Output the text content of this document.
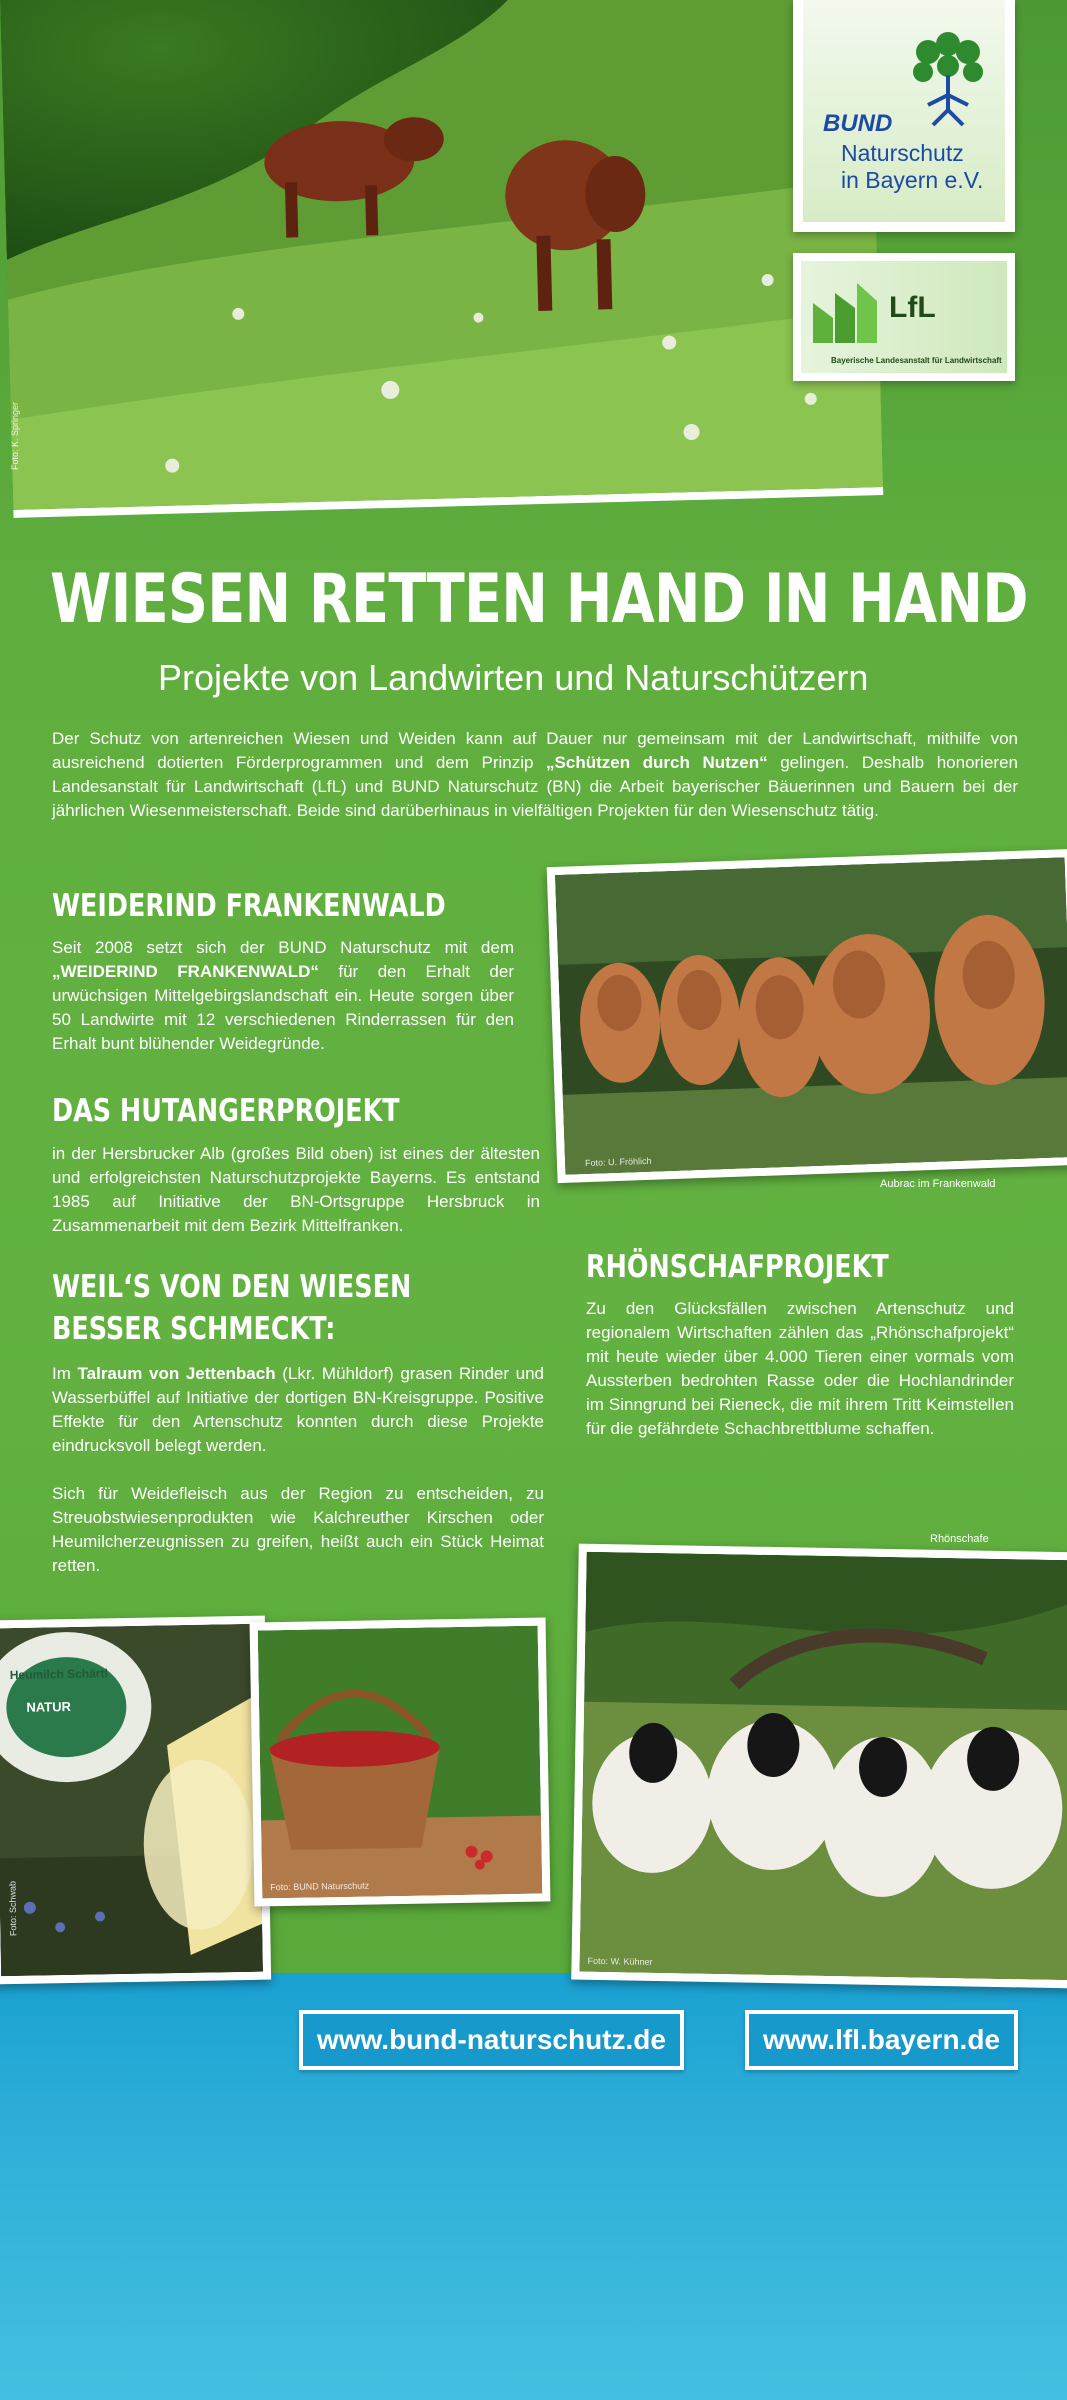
Foto: K. Springer
BUND
Naturschutz
in Bayern e.V.
LfL
Bayerische Landesanstalt für Landwirtschaft
WIESEN RETTEN HAND IN HAND
Projekte von Landwirten und Naturschützern
Der Schutz von artenreichen Wiesen und Weiden kann auf Dauer nur gemeinsam mit der Landwirtschaft, mithilfe von ausreichend dotierten Förderprogrammen und dem Prinzip „Schützen durch Nutzen“ gelingen. Deshalb honorieren Landesanstalt für Landwirtschaft (LfL) und BUND Naturschutz (BN) die Arbeit bayerischer Bäuerinnen und Bauern bei der jährlichen Wiesenmeisterschaft. Beide sind darüberhinaus in vielfältigen Projekten für den Wiesenschutz tätig.
WEIDERIND FRANKENWALD
Seit 2008 setzt sich der BUND Naturschutz mit dem „WEIDERIND FRANKENWALD“ für den Erhalt der urwüchsigen Mittelgebirgslandschaft ein. Heute sorgen über 50 Landwirte mit 12 verschiedenen Rinderrassen für den Erhalt bunt blühender Weidegründe.
Foto: U. Fröhlich
Aubrac im Frankenwald
DAS HUTANGERPROJEKT
in der Hersbrucker Alb (großes Bild oben) ist eines der ältesten und erfolgreichsten Naturschutzprojekte Bayerns. Es entstand 1985 auf Initiative der BN-Ortsgruppe Hersbruck in Zusammenarbeit mit dem Bezirk Mittelfranken.
WEIL‘S VON DEN WIESEN
BESSER SCHMECKT:
Im Talraum von Jettenbach (Lkr. Mühldorf) grasen Rinder und Wasserbüffel auf Initiative der dortigen BN-Kreisgruppe. Positive Effekte für den Artenschutz konnten durch diese Projekte eindrucksvoll belegt werden.
Sich für Weidefleisch aus der Region zu entscheiden, zu Streuobstwiesenprodukten wie Kalchreuther Kirschen oder Heumilcherzeugnissen zu greifen, heißt auch ein Stück Heimat retten.
RHÖNSCHAFPROJEKT
Zu den Glücksfällen zwischen Artenschutz und regionalem Wirtschaften zählen das „Rhönschafprojekt“ mit heute wieder über 4.000 Tieren einer vormals vom Aussterben bedrohten Rasse oder die Hochlandrinder im Sinngrund bei Rieneck, die mit ihrem Tritt Keimstellen für die gefährdete Schachbrettblume schaffen.
Rhönschafe
Heumilch Schärtl
NATUR
Foto: Schwab	Foto: BUND Naturschutz
Foto: W. Kühner
www.bund-naturschutz.de	www.lfl.bayern.de
